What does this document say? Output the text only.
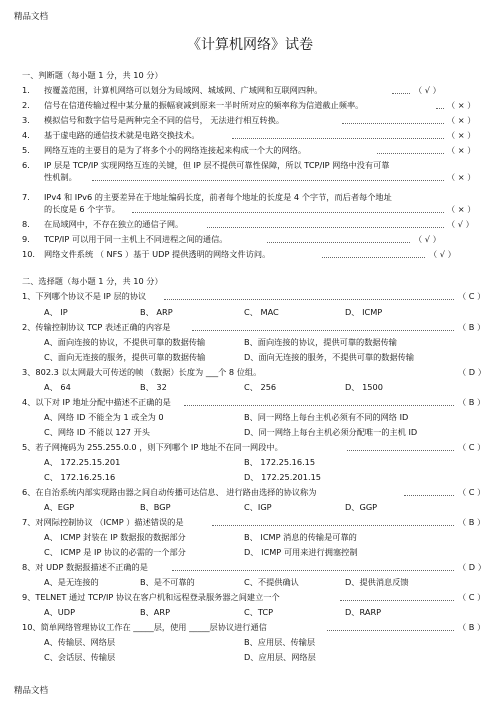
精品文档
《计算机网络》试卷
一、判断题（每小题 1 分，共 10 分）
1.	按覆盖范围，计算机网络可以划分为局域网、城域网、广域网和互联网四种。	（ √ ）
2.	信号在信道传输过程中某分量的振幅衰减到原来一半时所对应的频率称为信道截止频率。	（ × ）
3.	模拟信号和数字信号是两种完全不同的信号， 无法进行相互转换。	（ × ）
4.	基于虚电路的通信技术就是电路交换技术。	（ × ）
5.	网络互连的主要目的是为了将多个小的网络连接起来构成一个大的网络。	（ × ）
6.	IP 层是 TCP/IP 实现网络互连的关键，但 IP 层不提供可靠性保障，所以 TCP/IP 网络中没有可靠
性机制。	（ × ）
7.	IPv4 和 IPv6 的主要差异在于地址编码长度，前者每个地址的长度是 4 个字节，而后者每个地址
的长度是 6 个字节。	（ × ）
8.	在局域网中，不存在独立的通信子网。	（ √ ）
9.	TCP/IP 可以用于同一主机上不同进程之间的通信。	（ √ ）
10.	网络文件系统 （ NFS ）基于 UDP 提供透明的网络文件访问。	（ √ ）
二、选择题（每小题 1 分，共 10 分）
1、下列哪个协议不是 IP 层的协议	（ C ）
A、 IP	B、 ARP	C、 MAC	D、 ICMP
2、传输控制协议 TCP 表述正确的内容是	（ B ）
A、面向连接的协议，不提供可靠的数据传输	B、面向连接的协议，提供可靠的数据传输
C、面向无连接的服务，提供可靠的数据传输	D、面向无连接的服务，不提供可靠的数据传输
3、802.3 以太网最大可传送的帧 （数据）长度为 ___个 8 位组。	（ D ）
A、 64	B、 32	C、 256	D、 1500
4、以下对 IP 地址分配中描述不正确的是	（ B ）
A、网络 ID 不能全为 1 或全为 0	B、同一网络上每台主机必须有不同的网络 ID
C、网络 ID 不能以 127 开头	D、同一网络上每台主机必须分配唯一的主机 ID
5、若子网掩码为 255.255.0.0 ，则下列哪个 IP 地址不在同一网段中。	（ C ）
A、 172.25.15.201	B、 172.25.16.15
C、 172.16.25.16	D、 172.25.201.15
6、在自治系统内部实现路由器之间自动传播可达信息、 进行路由选择的协议称为	（ C ）
A、EGP	B、BGP	C、IGP	D、GGP
7、对网际控制协议 （ICMP ）描述错误的是	（ B ）
A、 ICMP 封装在 IP 数据报的数据部分	B、 ICMP 消息的传输是可靠的
C、 ICMP 是 IP 协议的必需的一个部分	D、 ICMP 可用来进行拥塞控制
8、对 UDP 数据报描述不正确的是	（ D ）
A、是无连接的	B、是不可靠的	C、不提供确认	D、提供消息反馈
9、TELNET 通过 TCP/IP 协议在客户机和远程登录服务器之间建立一个	（ C ）
A、UDP	B、ARP	C、TCP	D、RARP
10、简单网络管理协议工作在 _____层，使用 _____层协议进行通信	（ B ）
A、传输层、网络层	B、应用层、传输层
C、会话层、传输层	D、应用层、网络层
精品文档
